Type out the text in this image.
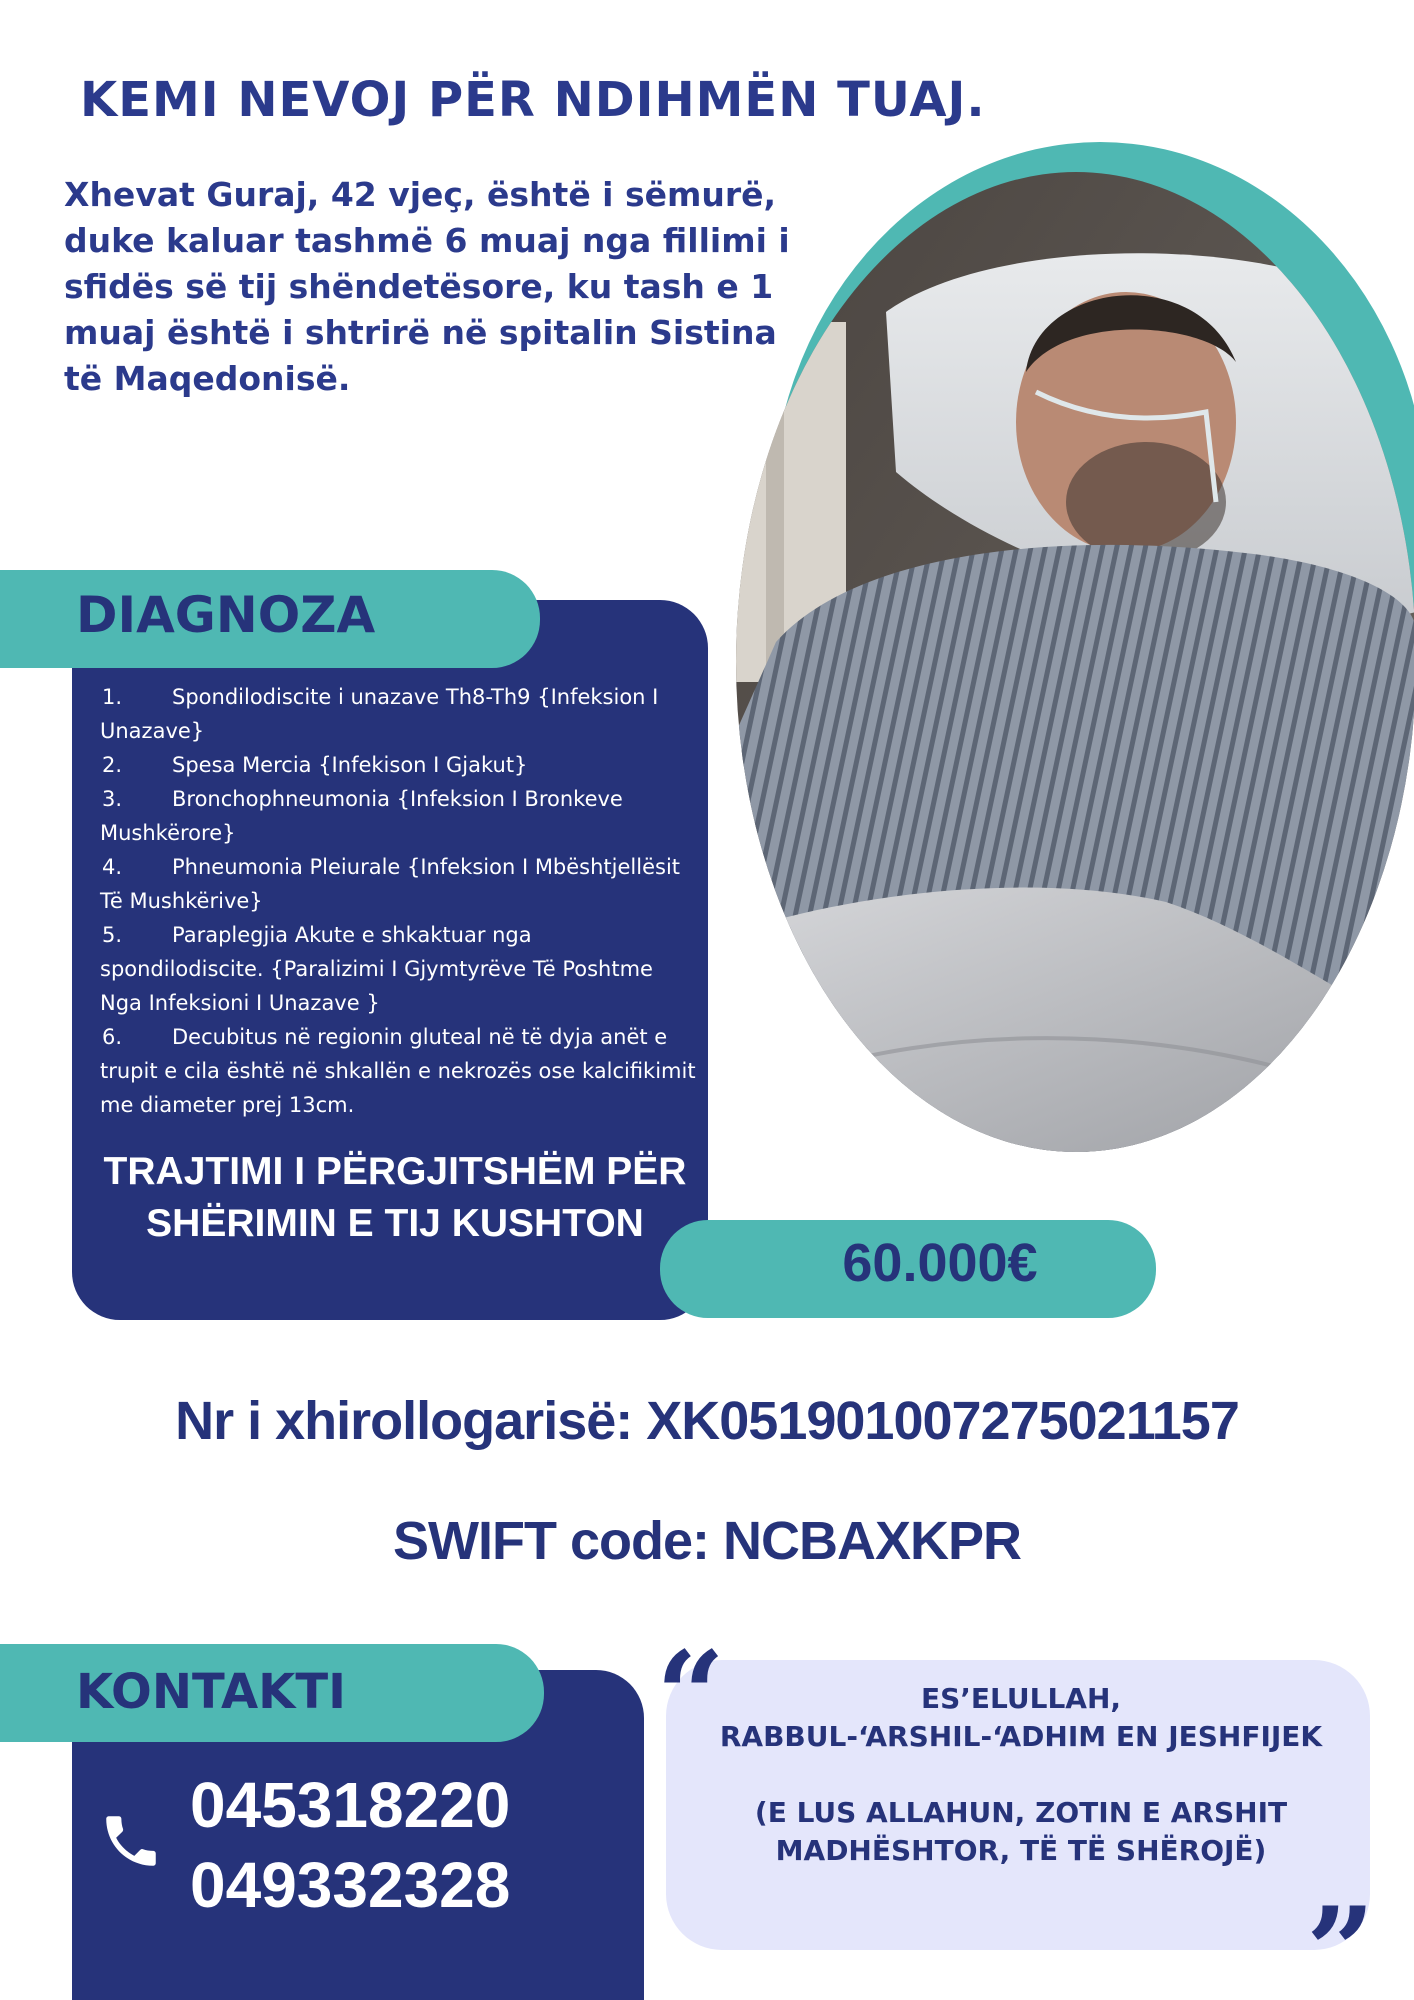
KEMI NEVOJ PËR NDIHMËN TUAJ.
Xhevat Guraj, 42 vjeç, është i sëmurë, duke kaluar tashmë 6 muaj nga fillimi i sfidës së tij shëndetësore, ku tash e 1 muaj është i shtrirë në spitalin Sistina të Maqedonisë.
DIAGNOZA
1. Spondilodiscite i unazave Th8-Th9 {Infeksion I Unazave}
2. Spesa Mercia {Infekison I Gjakut}
3. Bronchophneumonia {Infeksion I Bronkeve Mushkërore}
4. Phneumonia Pleiurale {Infeksion I Mbështjellësit Të Mushkërive}
5. Paraplegjia Akute e shkaktuar nga spondilodiscite. {Paralizimi I Gjymtyrëve Të Poshtme Nga Infeksioni I Unazave }
6. Decubitus në regionin gluteal në të dyja anët e trupit e cila është në shkallën e nekrozës ose kalcifikimit me diameter prej 13cm.
TRAJTIMI I PËRGJITSHËM PËR SHËRIMIN E TIJ KUSHTON
60.000€
Nr i xhirollogarisë: XK05190100727502115​7
SWIFT code: NCBAXKPR
KONTAKTI
045318220
049332328
“	ES’ELULLAH,
RABBUL-‘ARSHIL-‘ADHIM EN JESHFIJEK
(E LUS ALLAHUN, ZOTIN E ARSHIT MADHËSHTOR, TË TË SHËROJË)
”
